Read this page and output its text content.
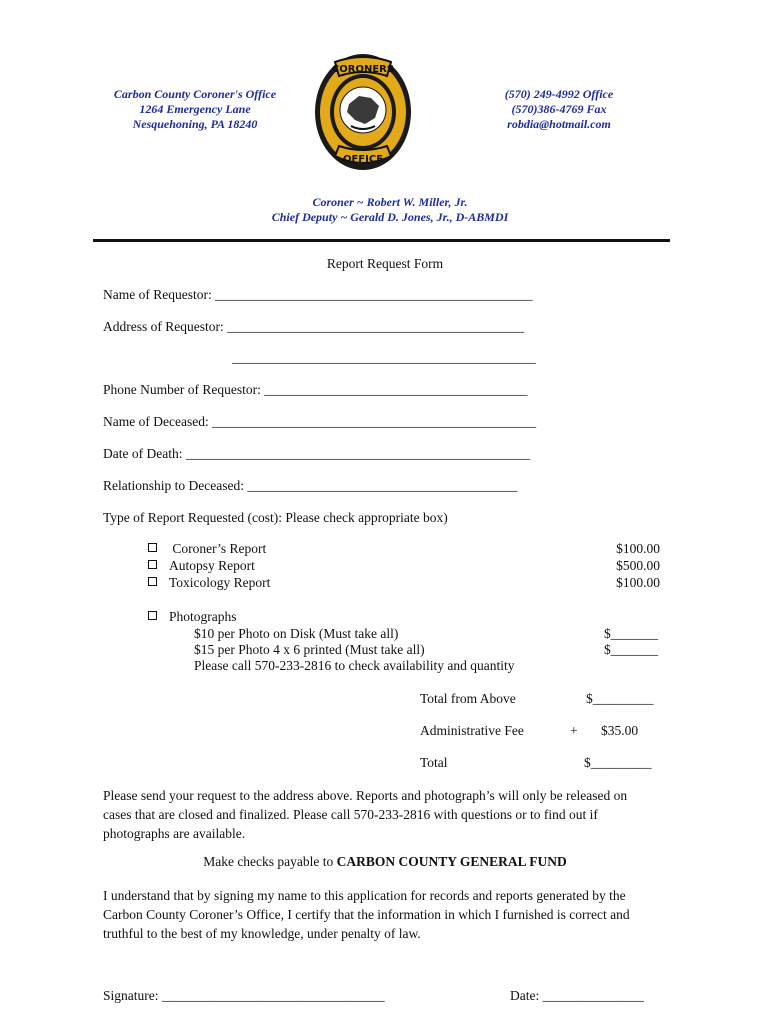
Carbon County Coroner's Office
1264 Emergency Lane
Nesquehoning, PA 18240
CORONERS
OFFICE
(570) 249-4992 Office
(570)386-4769 Fax
robdia@hotmail.com
Coroner ~ Robert W. Miller, Jr.
Chief Deputy ~ Gerald D. Jones, Jr., D-ABMDI
Report Request Form
Name of Requestor: _______________________________________________
Address of Requestor: ____________________________________________
_____________________________________________
Phone Number of Requestor: _______________________________________
Name of Deceased: ________________________________________________
Date of Death: ___________________________________________________
Relationship to Deceased: ________________________________________
Type of Report Requested (cost): Please check appropriate box)
Coroner’s Report	$100.00
Autopsy Report	$500.00
Toxicology Report	$100.00
Photographs
$10 per Photo on Disk (Must take all)	$_______
$15 per Photo 4 x 6 printed (Must take all)	$_______
Please call 570-233-2816 to check availability and quantity
Total from Above	$_________
Administrative Fee	+ $35.00
Total	$_________
Please send your request to the address above. Reports and photograph’s will only be released on
cases that are closed and finalized. Please call 570-233-2816 with questions or to find out if
photographs are available.
Make checks payable to CARBON COUNTY GENERAL FUND
I understand that by signing my name to this application for records and reports generated by the
Carbon County Coroner’s Office, I certify that the information in which I furnished is correct and
truthful to the best of my knowledge, under penalty of law.
Signature: _________________________________	Date: _______________
